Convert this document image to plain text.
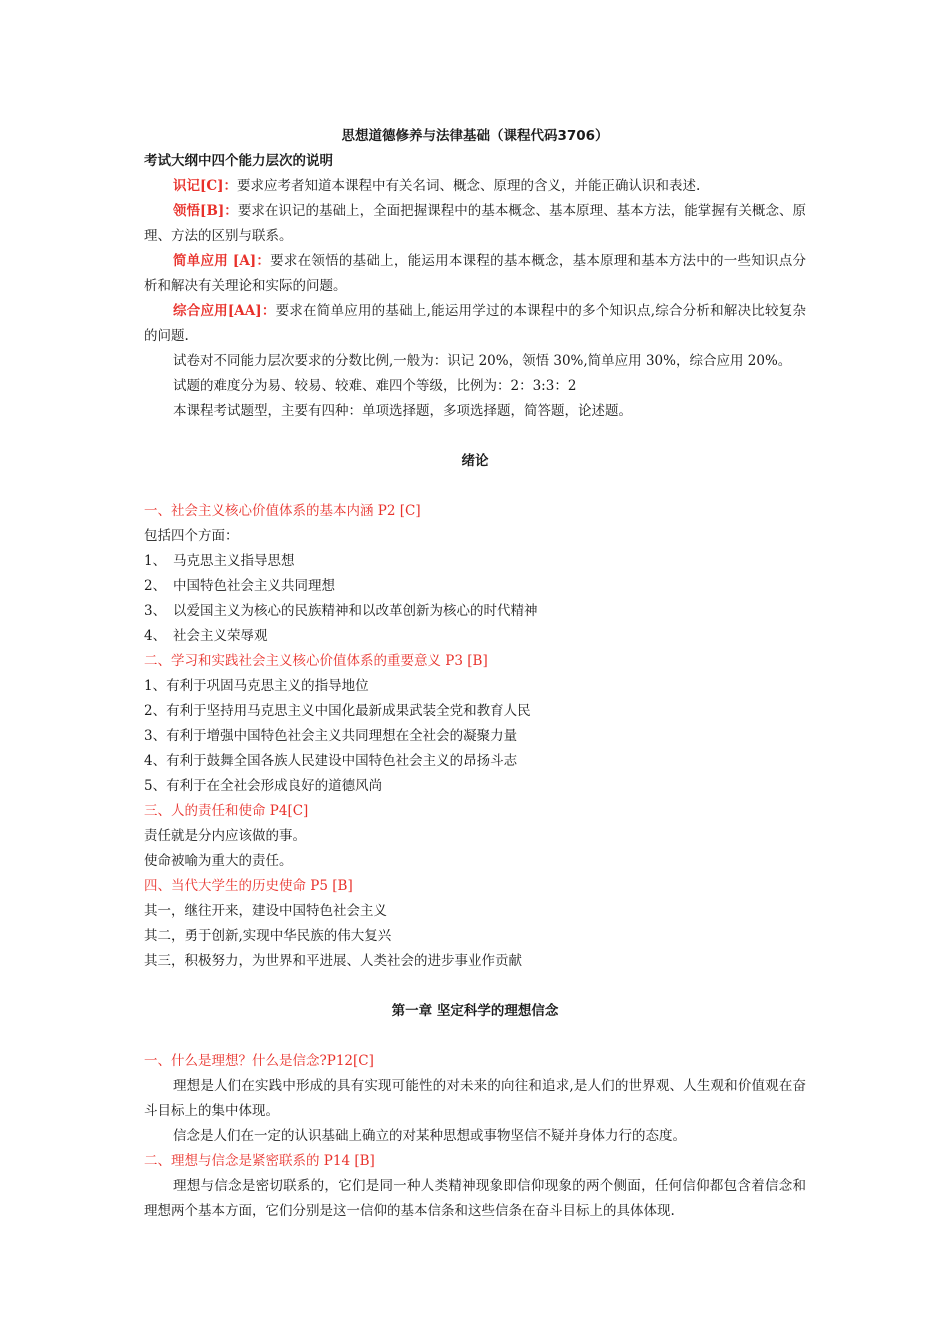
思想道德修养与法律基础（课程代码3706）
考试大纲中四个能力层次的说明
识记[C]：要求应考者知道本课程中有关名词、概念、原理的含义，并能正确认识和表述.
领悟[B]：要求在识记的基础上，全面把握课程中的基本概念、基本原理、基本方法，能掌握有关概念、原理、方法的区别与联系。
简单应用 [A]：要求在领悟的基础上，能运用本课程的基本概念，基本原理和基本方法中的一些知识点分析和解决有关理论和实际的问题。
综合应用[AA]：要求在简单应用的基础上,能运用学过的本课程中的多个知识点,综合分析和解决比较复杂的问题.
试卷对不同能力层次要求的分数比例,一般为：识记 20%，领悟 30%,简单应用 30%，综合应用 20%。
试题的难度分为易、较易、较难、难四个等级，比例为：2：3:3：2
本课程考试题型，主要有四种：单项选择题，多项选择题，简答题，论述题。
绪论
一、社会主义核心价值体系的基本内涵 P2 [C]
包括四个方面：
1、 马克思主义指导思想
2、 中国特色社会主义共同理想
3、 以爱国主义为核心的民族精神和以改革创新为核心的时代精神
4、 社会主义荣辱观
二、学习和实践社会主义核心价值体系的重要意义 P3 [B]
1、有利于巩固马克思主义的指导地位
2、有利于坚持用马克思主义中国化最新成果武装全党和教育人民
3、有利于增强中国特色社会主义共同理想在全社会的凝聚力量
4、有利于鼓舞全国各族人民建设中国特色社会主义的昂扬斗志
5、有利于在全社会形成良好的道德风尚
三、人的责任和使命 P4[C]
责任就是分内应该做的事。
使命被喻为重大的责任。
四、当代大学生的历史使命 P5 [B]
其一，继往开来，建设中国特色社会主义
其二，勇于创新,实现中华民族的伟大复兴
其三，积极努力，为世界和平进展、人类社会的进步事业作贡献
第一章 坚定科学的理想信念
一、什么是理想？什么是信念?P12[C]
理想是人们在实践中形成的具有实现可能性的对未来的向往和追求,是人们的世界观、人生观和价值观在奋斗目标上的集中体现。
信念是人们在一定的认识基础上确立的对某种思想或事物坚信不疑并身体力行的态度。
二、理想与信念是紧密联系的 P14 [B]
理想与信念是密切联系的，它们是同一种人类精神现象即信仰现象的两个侧面，任何信仰都包含着信念和理想两个基本方面，它们分别是这一信仰的基本信条和这些信条在奋斗目标上的具体体现.
